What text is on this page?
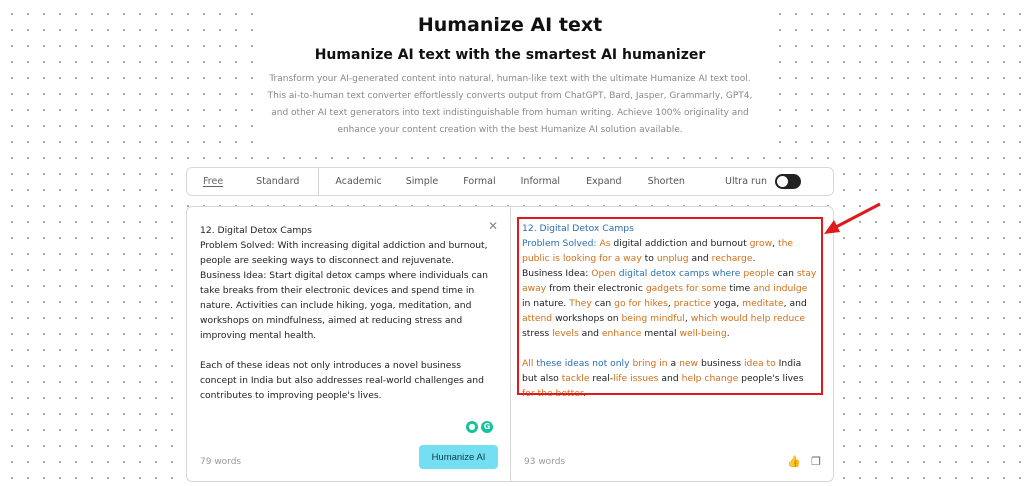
Humanize AI text
Humanize AI text with the smartest AI humanizer
Transform your AI-generated content into natural, human-like text with the ultimate Humanize AI text tool. This ai-to-human text converter effortlessly converts output from ChatGPT, Bard, Jasper, Grammarly, GPT4, and other AI text generators into text indistinguishable from human writing. Achieve 100% originality and enhance your content creation with the best Humanize AI solution available.
Free	Standard	Academic	Simple	Formal	Informal	Expand	Shorten	Ultra run

12. Digital Detox Camps

Problem Solved: With increasing digital addiction and burnout, people are seeking ways to disconnect and rejuvenate.

Business Idea: Start digital detox camps where individuals can take breaks from their electronic devices and spend time in nature. Activities can include hiking, yoga, meditation, and workshops on mindfulness, aimed at reducing stress and improving mental health.

Each of these ideas not only introduces a novel business concept in India but also addresses real-world challenges and contributes to improving people's lives.

✕
●	G
79 words	Humanize AI

12. Digital Detox Camps

Problem Solved: As digital addiction and burnout grow, the public is looking for a way to unplug and recharge.

Business Idea: Open digital detox camps where people can stay away from their electronic gadgets for some time and indulge in nature. They can go for hikes, practice yoga, meditate, and attend workshops on being mindful, which would help reduce stress levels and enhance mental well-being.

All these ideas not only bring in a new business idea to India but also tackle real-life issues and help change people's lives for the better.

93 words	👍 ❐
